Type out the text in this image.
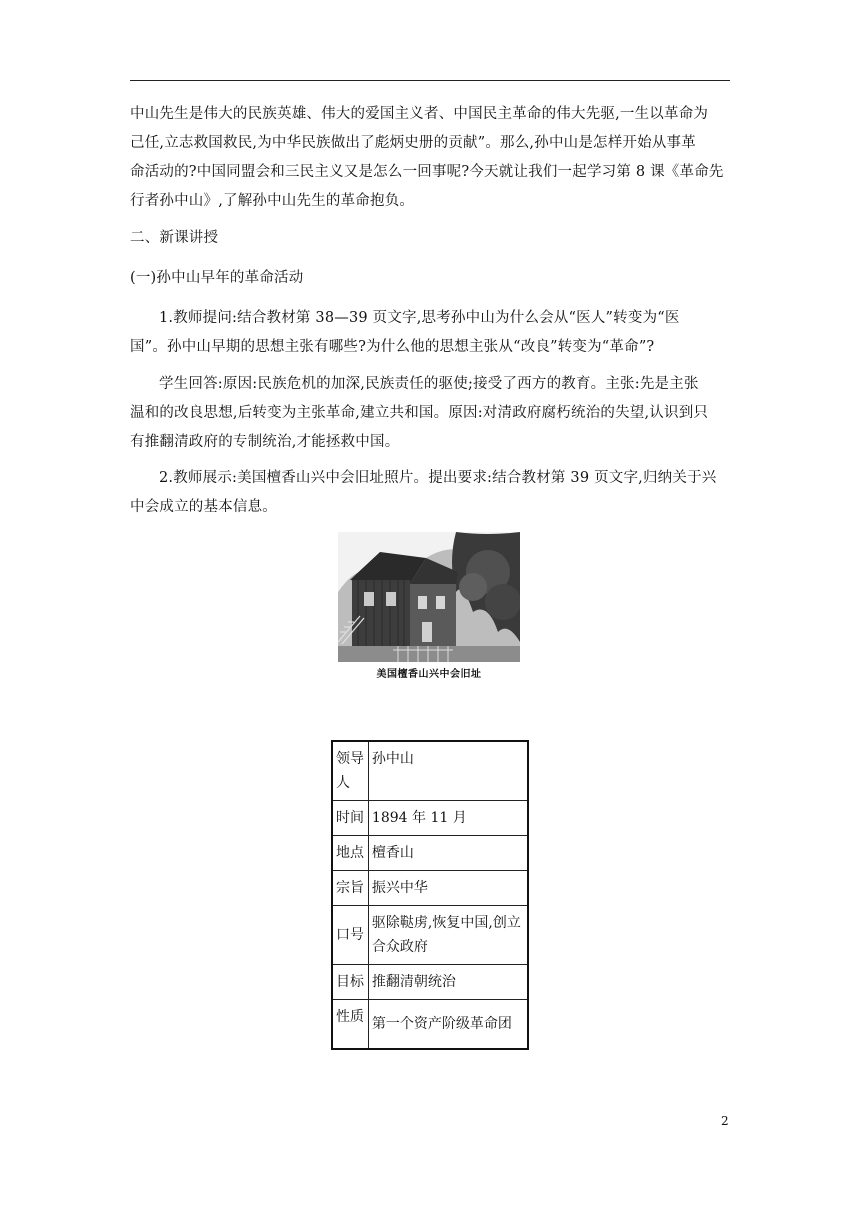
中山先生是伟大的民族英雄、伟大的爱国主义者、中国民主革命的伟大先驱,一生以革命为
己任,立志救国救民,为中华民族做出了彪炳史册的贡献”。那么,孙中山是怎样开始从事革
命活动的?中国同盟会和三民主义又是怎么一回事呢?今天就让我们一起学习第 8 课《革命先
行者孙中山》,了解孙中山先生的革命抱负。
二、新课讲授
(一)孙中山早年的革命活动
1.教师提问:结合教材第 38—39 页文字,思考孙中山为什么会从“医人”转变为“医
国”。孙中山早期的思想主张有哪些?为什么他的思想主张从“改良”转变为“革命”?
学生回答:原因:民族危机的加深,民族责任的驱使;接受了西方的教育。主张:先是主张
温和的改良思想,后转变为主张革命,建立共和国。原因:对清政府腐朽统治的失望,认识到只
有推翻清政府的专制统治,才能拯救中国。
2.教师展示:美国檀香山兴中会旧址照片。提出要求:结合教材第 39 页文字,归纳关于兴
中会成立的基本信息。
美国檀香山兴中会旧址
领导人	孙中山
时间	1894 年 11 月
地点	檀香山
宗旨	振兴中华
口号	驱除鞑虏,恢复中国,创立合众政府
目标	推翻清朝统治
性质	第一个资产阶级革命团
2
